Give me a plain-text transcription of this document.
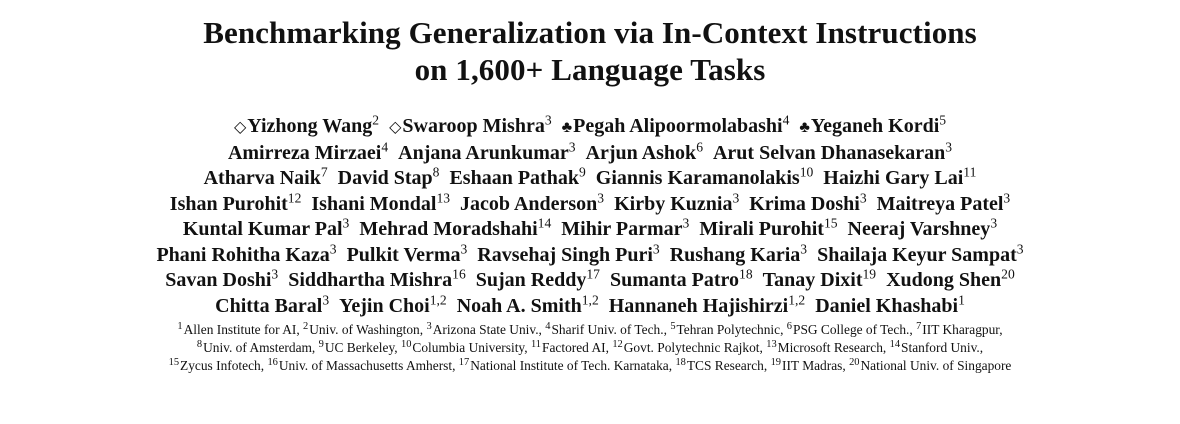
Benchmarking Generalization via In-Context Instructions
on 1,600+ Language Tasks
◇Yizhong Wang$^2$ ◇Swaroop Mishra$^3$ ♣Pegah Alipoormolabashi$^4$ ♣Yeganeh Kordi$^5$
Amirreza Mirzaei$^4$ Anjana Arunkumar$^3$ Arjun Ashok$^6$ Arut Selvan Dhanasekaran$^3$
Atharva Naik$^7$ David Stap$^8$ Eshaan Pathak$^9$ Giannis Karamanolakis$^{10}$ Haizhi Gary Lai$^{11}$
Ishan Purohit$^{12}$ Ishani Mondal$^{13}$ Jacob Anderson$^3$ Kirby Kuznia$^3$ Krima Doshi$^3$ Maitreya Patel$^3$
Kuntal Kumar Pal$^3$ Mehrad Moradshahi$^{14}$ Mihir Parmar$^3$ Mirali Purohit$^{15}$ Neeraj Varshney$^3$
Phani Rohitha Kaza$^3$ Pulkit Verma$^3$ Ravsehaj Singh Puri$^3$ Rushang Karia$^3$ Shailaja Keyur Sampat$^3$
Savan Doshi$^3$ Siddhartha Mishra$^{16}$ Sujan Reddy$^{17}$ Sumanta Patro$^{18}$ Tanay Dixit$^{19}$ Xudong Shen$^{20}$
Chitta Baral$^3$ Yejin Choi$^{1,2}$ Noah A. Smith$^{1,2}$ Hannaneh Hajishirzi$^{1,2}$ Daniel Khashabi$^1$
$^1$Allen Institute for AI, $^2$Univ. of Washington, $^3$Arizona State Univ., $^4$Sharif Univ. of Tech., $^5$Tehran Polytechnic, $^6$PSG College of Tech., $^7$IIT Kharagpur,
$^8$Univ. of Amsterdam, $^9$UC Berkeley, $^{10}$Columbia University, $^{11}$Factored AI, $^{12}$Govt. Polytechnic Rajkot, $^{13}$Microsoft Research, $^{14}$Stanford Univ.,
$^{15}$Zycus Infotech, $^{16}$Univ. of Massachusetts Amherst, $^{17}$National Institute of Tech. Karnataka, $^{18}$TCS Research, $^{19}$IIT Madras, $^{20}$National Univ. of Singapore
